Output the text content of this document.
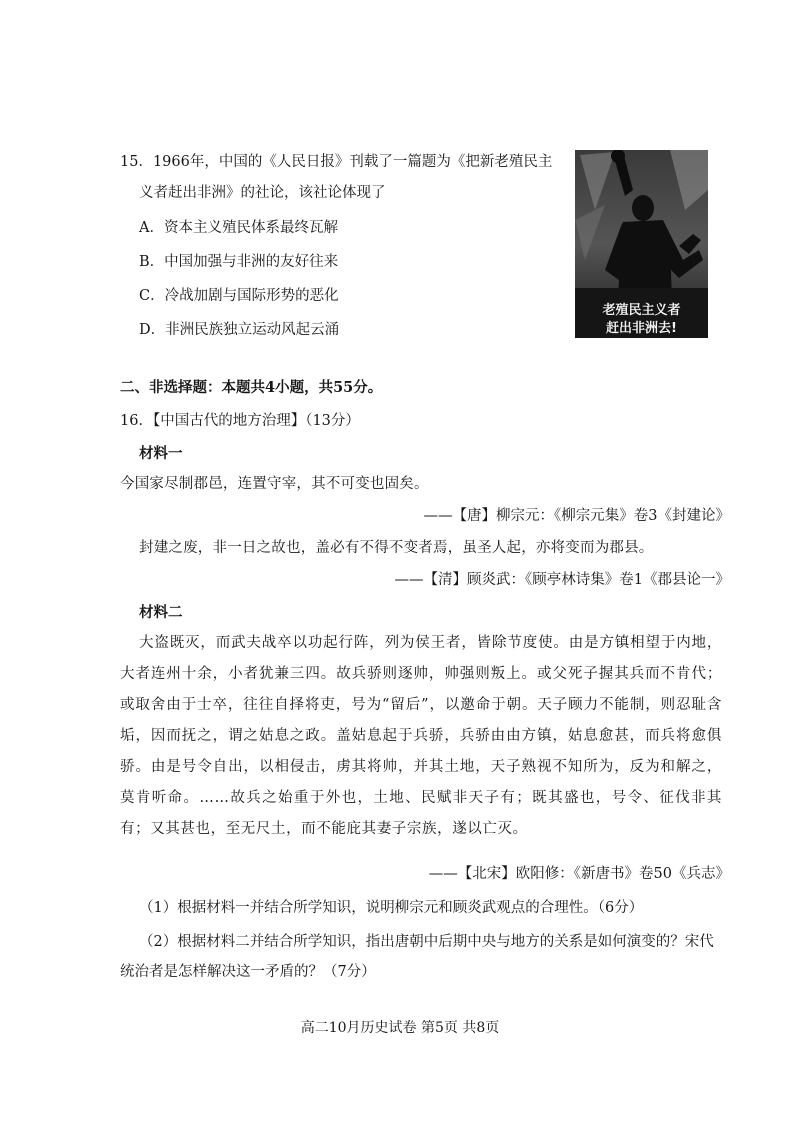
15．1966年，中国的《人民日报》刊载了一篇题为《把新老殖民主
义者赶出非洲》的社论，该社论体现了
A．资本主义殖民体系最终瓦解
B．中国加强与非洲的友好往来
C．冷战加剧与国际形势的恶化
D．非洲民族独立运动风起云涌
老殖民主义者
赶出非洲去!
二、非选择题：本题共4小题，共55分。
16．【中国古代的地方治理】（13分）
材料一
今国家尽制郡邑，连置守宰，其不可变也固矣。
——【唐】柳宗元：《柳宗元集》卷3《封建论》
封建之废，非一日之故也，盖必有不得不变者焉，虽圣人起，亦将变而为郡县。
——【清】顾炎武：《顾亭林诗集》卷1《郡县论一》
材料二
大盗既灭，而武夫战卒以功起行阵，列为侯王者，皆除节度使。由是方镇相望于内地，大者连州十余，小者犹兼三四。故兵骄则逐帅，帅强则叛上。或父死子握其兵而不肯代；或取舍由于士卒，往往自择将吏，号为“留后”，以邀命于朝。天子顾力不能制，则忍耻含垢，因而抚之，谓之姑息之政。盖姑息起于兵骄，兵骄由由方镇，姑息愈甚，而兵将愈俱骄。由是号令自出，以相侵击，虏其将帅，并其土地，天子熟视不知所为，反为和解之，莫肯听命。……故兵之始重于外也，土地、民赋非天子有；既其盛也，号令、征伐非其有；又其甚也，至无尺土，而不能庇其妻子宗族，遂以亡灭。
——【北宋】欧阳修：《新唐书》卷50《兵志》
（1）根据材料一并结合所学知识，说明柳宗元和顾炎武观点的合理性。（6分）
（2）根据材料二并结合所学知识，指出唐朝中后期中央与地方的关系是如何演变的？宋代
统治者是怎样解决这一矛盾的？（7分）
高二10月历史试卷 第5页 共8页
